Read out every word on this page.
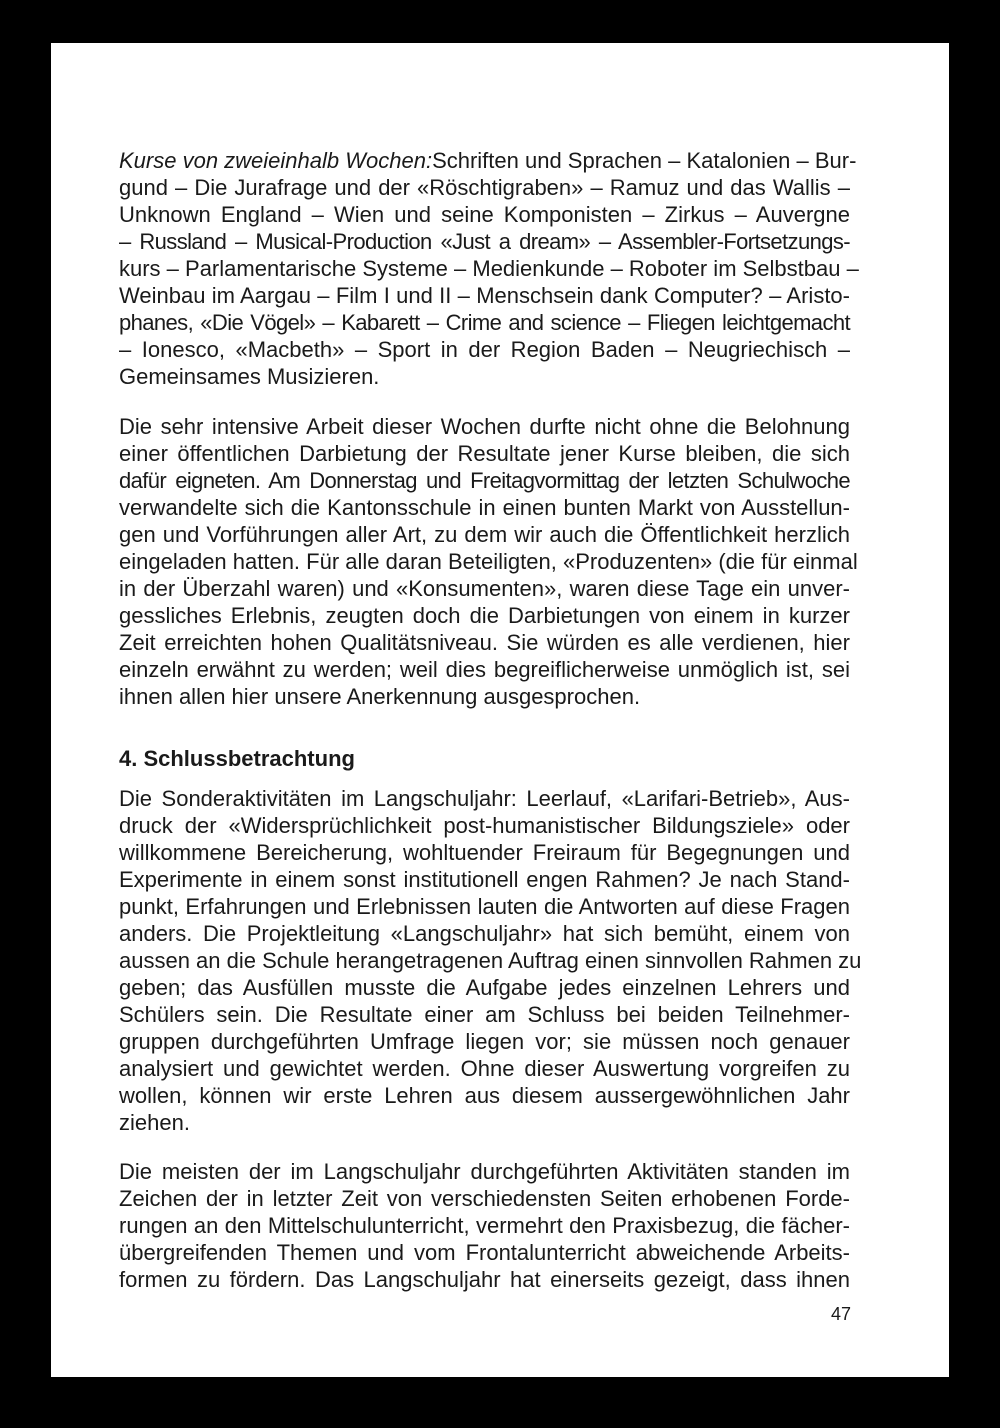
Kurse von zweieinhalb Wochen:Schriften und Sprachen – Katalonien – Bur-

gund – Die Jurafrage und der «Röschtigraben» – Ramuz und das Wallis –

Unknown England – Wien und seine Komponisten – Zirkus – Auvergne

– Russland – Musical-Production «Just a dream» – Assembler-Fortsetzungs-

kurs – Parlamentarische Systeme – Medienkunde – Roboter im Selbstbau –

Weinbau im Aargau – Film I und II – Menschsein dank Computer? – Aristo-

phanes, «Die Vögel» – Kabarett – Crime and science – Fliegen leichtgemacht

– Ionesco, «Macbeth» – Sport in der Region Baden – Neugriechisch –

Gemeinsames Musizieren.

Die sehr intensive Arbeit dieser Wochen durfte nicht ohne die Belohnung

einer öffentlichen Darbietung der Resultate jener Kurse bleiben, die sich

dafür eigneten. Am Donnerstag und Freitagvormittag der letzten Schulwoche

verwandelte sich die Kantonsschule in einen bunten Markt von Ausstellun-

gen und Vorführungen aller Art, zu dem wir auch die Öffentlichkeit herzlich

eingeladen hatten. Für alle daran Beteiligten, «Produzenten» (die für einmal

in der Überzahl waren) und «Konsumenten», waren diese Tage ein unver-

gessliches Erlebnis, zeugten doch die Darbietungen von einem in kurzer

Zeit erreichten hohen Qualitätsniveau. Sie würden es alle verdienen, hier

einzeln erwähnt zu werden; weil dies begreiflicherweise unmöglich ist, sei

ihnen allen hier unsere Anerkennung ausgesprochen.

4. Schlussbetrachtung

Die Sonderaktivitäten im Langschuljahr: Leerlauf, «Larifari-Betrieb», Aus-

druck der «Widersprüchlichkeit post-humanistischer Bildungsziele» oder

willkommene Bereicherung, wohltuender Freiraum für Begegnungen und

Experimente in einem sonst institutionell engen Rahmen? Je nach Stand-

punkt, Erfahrungen und Erlebnissen lauten die Antworten auf diese Fragen

anders. Die Projektleitung «Langschuljahr» hat sich bemüht, einem von

aussen an die Schule herangetragenen Auftrag einen sinnvollen Rahmen zu

geben; das Ausfüllen musste die Aufgabe jedes einzelnen Lehrers und

Schülers sein. Die Resultate einer am Schluss bei beiden Teilnehmer-

gruppen durchgeführten Umfrage liegen vor; sie müssen noch genauer

analysiert und gewichtet werden. Ohne dieser Auswertung vorgreifen zu

wollen, können wir erste Lehren aus diesem aussergewöhnlichen Jahr

ziehen.

Die meisten der im Langschuljahr durchgeführten Aktivitäten standen im

Zeichen der in letzter Zeit von verschiedensten Seiten erhobenen Forde-

rungen an den Mittelschulunterricht, vermehrt den Praxisbezug, die fächer-

übergreifenden Themen und vom Frontalunterricht abweichende Arbeits-

formen zu fördern. Das Langschuljahr hat einerseits gezeigt, dass ihnen

47
